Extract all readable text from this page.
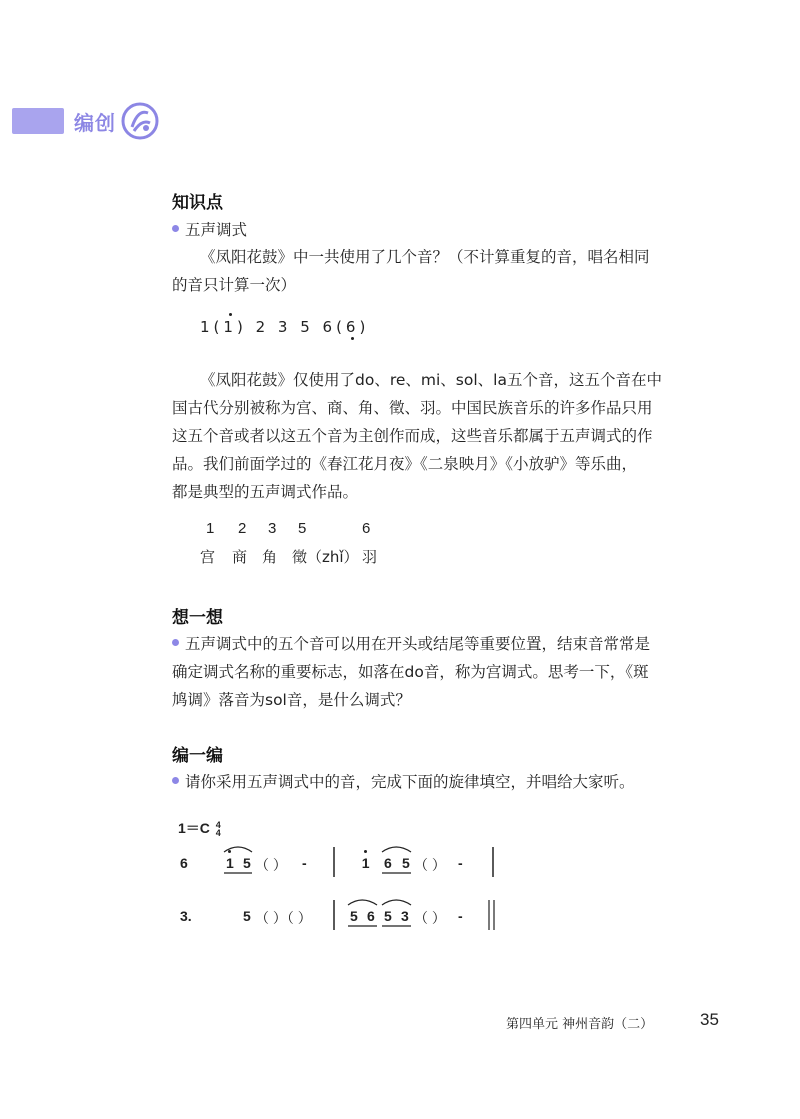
编创
知识点
五声调式
《凤阳花鼓》中一共使用了几个音？（不计算重复的音，唱名相同
的音只计算一次）
1(1) 2 3 5 6(6)
《凤阳花鼓》仅使用了do、re、mi、sol、la五个音，这五个音在中
国古代分别被称为宫、商、角、徵、羽。中国民族音乐的许多作品只用
这五个音或者以这五个音为主创作而成，这些音乐都属于五声调式的作
品。我们前面学过的《春江花月夜》《二泉映月》《小放驴》等乐曲，
都是典型的五声调式作品。
1 2 3 5	6
宫 商 角 徵（zhǐ） 羽
想一想
五声调式中的五个音可以用在开头或结尾等重要位置，结束音常常是
确定调式名称的重要标志，如落在do音，称为宫调式。思考一下，《斑
鸠调》落音为sol音，是什么调式？
编一编
请你采用五声调式中的音，完成下面的旋律填空，并唱给大家听。
1＝C 4
4
6	1 5 （ ） -	1 6 5 （ ） -
3.	5 （ ）（ ）	5 6 5 3 （ ） -
第四单元 神州音韵（二）	35
